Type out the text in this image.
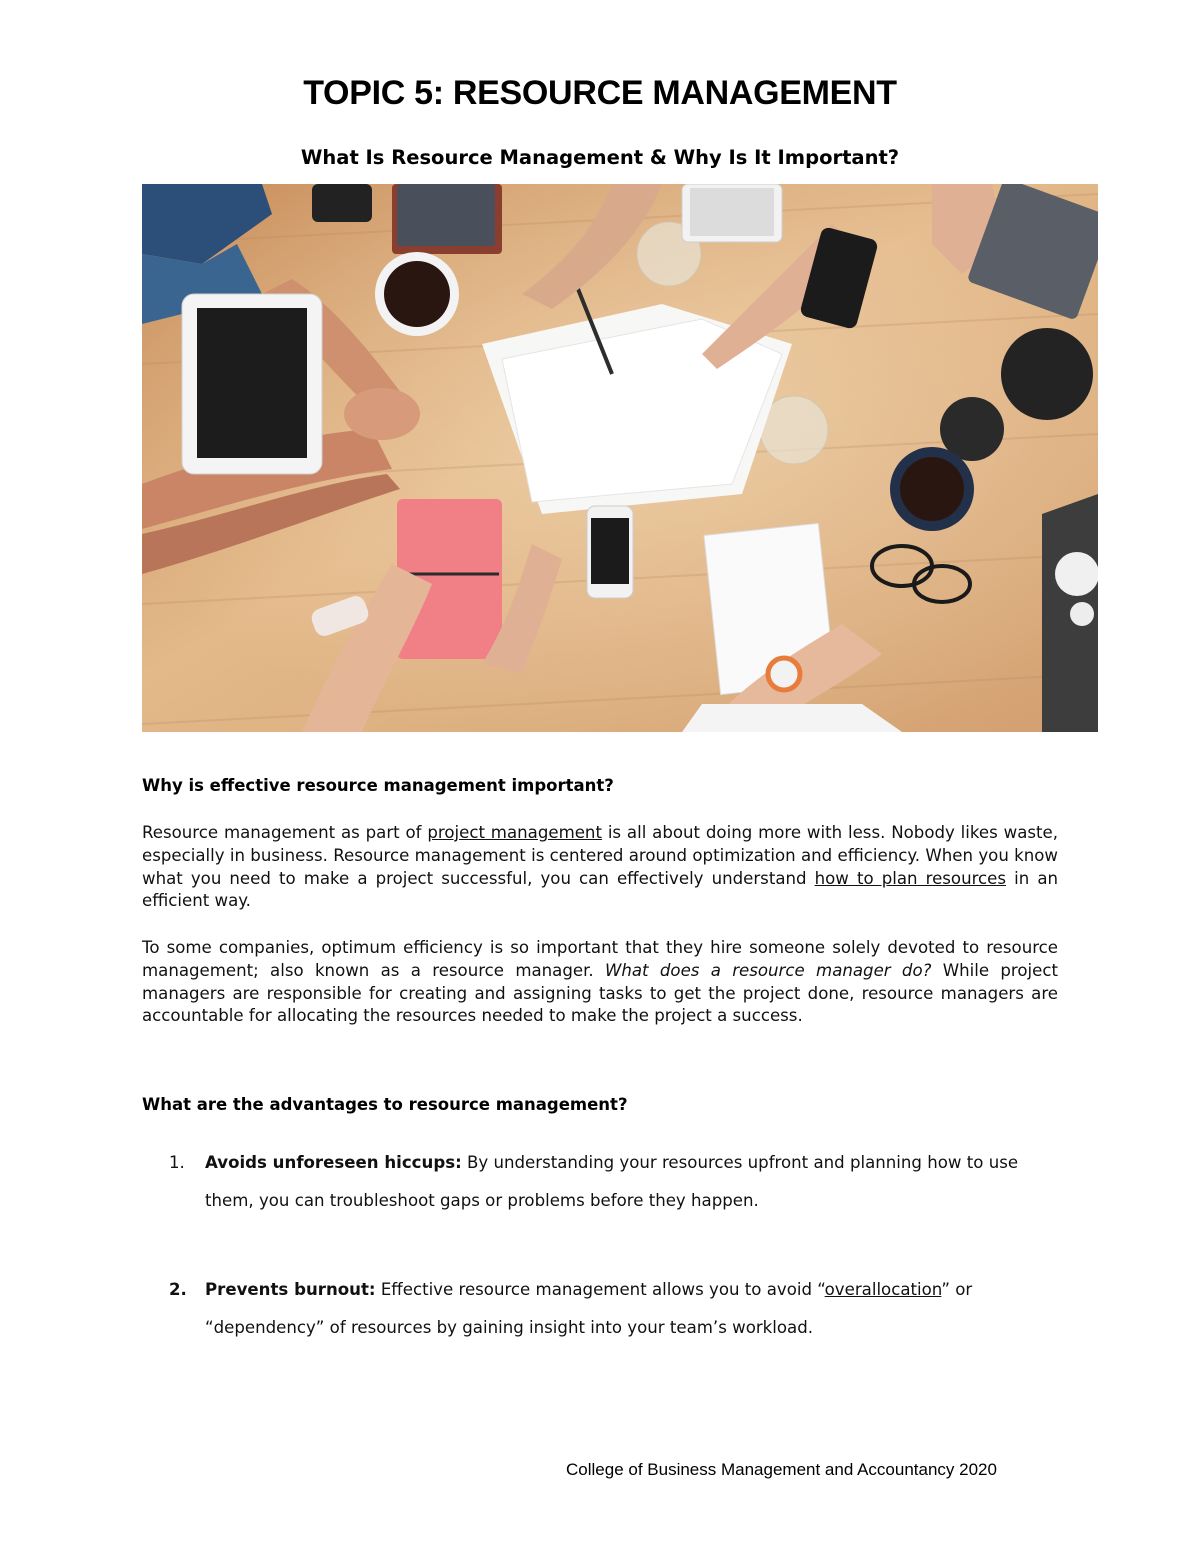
TOPIC 5: RESOURCE MANAGEMENT
What Is Resource Management & Why Is It Important?
Why is effective resource management important?
Resource management as part of project management is all about doing more with less. Nobody likes waste, especially in business. Resource management is centered around optimization and efficiency. When you know what you need to make a project successful, you can effectively understand how to plan resources in an efficient way.
To some companies, optimum efficiency is so important that they hire someone solely devoted to resource management; also known as a resource manager. What does a resource manager do? While project managers are responsible for creating and assigning tasks to get the project done, resource managers are accountable for allocating the resources needed to make the project a success.
What are the advantages to resource management?
1. Avoids unforeseen hiccups: By understanding your resources upfront and planning how to use them, you can troubleshoot gaps or problems before they happen.
2. Prevents burnout: Effective resource management allows you to avoid “overallocation” or “dependency” of resources by gaining insight into your team’s workload.
College of Business Management and Accountancy 2020
